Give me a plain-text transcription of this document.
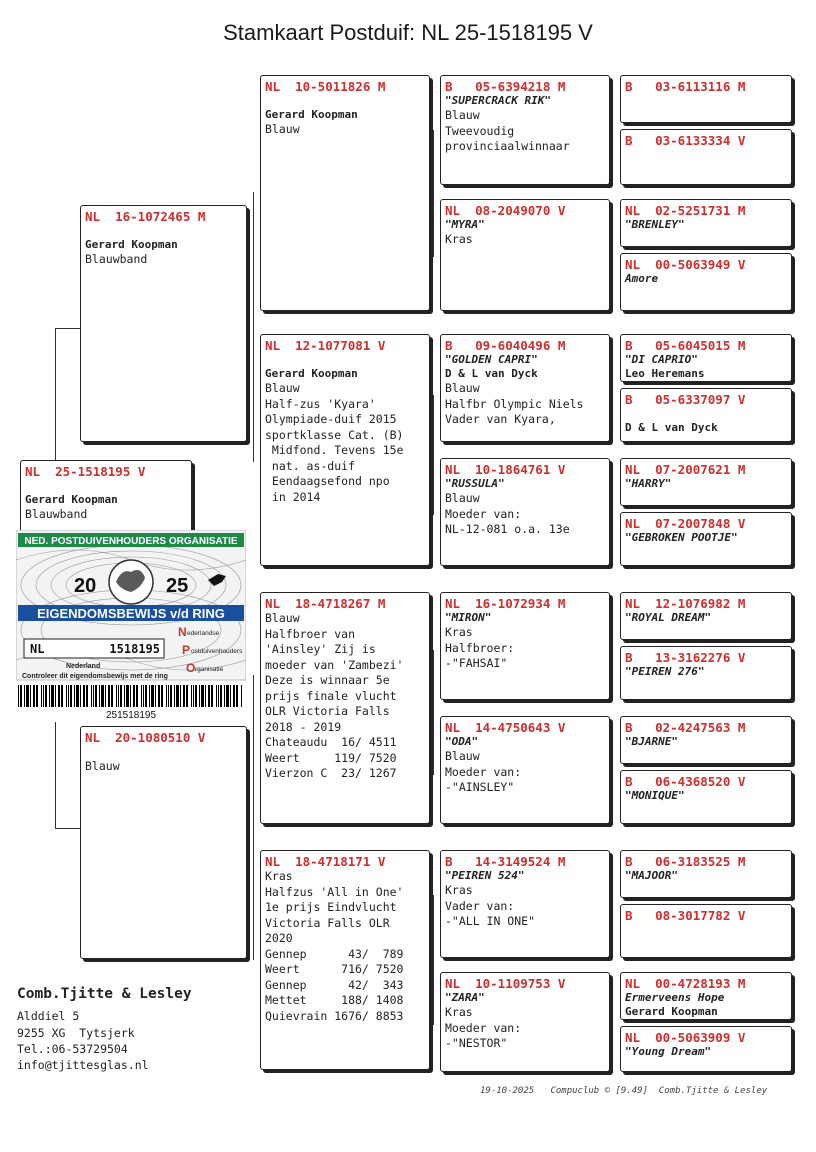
Stamkaart Postduif: NL 25-1518195 V
NL  25-1518195 V
Gerard Koopman
Blauwband
NL  16-1072465 M
Gerard Koopman
Blauwband
NL  20-1080510 V
Blauw
NL  10-5011826 M
Gerard Koopman
Blauw
NL  12-1077081 V
Gerard Koopman
Blauw
Half-zus 'Kyara'
Olympiade-duif 2015
sportklasse Cat. (B)
Midfond. Tevens 15e
nat. as-duif
Eendaagsefond npo
in 2014
NL  18-4718267 M
Blauw
Halfbroer van
'Ainsley' Zij is
moeder van 'Zambezi'
Deze is winnaar 5e
prijs finale vlucht
OLR Victoria Falls
2018 - 2019
Chateaudu  16/ 4511
Weert     119/ 7520
Vierzon C  23/ 1267
NL  18-4718171 V
Kras
Halfzus 'All in One'
1e prijs Eindvlucht
Victoria Falls OLR
2020
Gennep      43/  789
Weert      716/ 7520
Gennep      42/  343
Mettet     188/ 1408
Quievrain 1676/ 8853
B   05-6394218 M
"SUPERCRACK RIK"
Blauw
Tweevoudig
provinciaalwinnaar
NL  08-2049070 V
"MYRA"
Kras
B   09-6040496 M
"GOLDEN CAPRI"
D & L van Dyck
Blauw
Halfbr Olympic Niels
Vader van Kyara,
NL  10-1864761 V
"RUSSULA"
Blauw
Moeder van:
NL-12-081 o.a. 13e
NL  16-1072934 M
"MIRON"
Kras
Halfbroer:
-"FAHSAI"
NL  14-4750643 V
"ODA"
Blauw
Moeder van:
-"AINSLEY"
B   14-3149524 M
"PEIREN 524"
Kras
Vader van:
-"ALL IN ONE"
NL  10-1109753 V
"ZARA"
Kras
Moeder van:
-"NESTOR"
B   03-6113116 M
B   03-6133334 V
NL  02-5251731 M
"BRENLEY"
NL  00-5063949 V
Amore
B   05-6045015 M
"DI CAPRIO"
Leo Heremans
B   05-6337097 V
D & L van Dyck
NL  07-2007621 M
"HARRY"
NL  07-2007848 V
"GEBROKEN POOTJE"
NL  12-1076982 M
"ROYAL DREAM"
B   13-3162276 V
"PEIREN 276"
B   02-4247563 M
"BJARNE"
B   06-4368520 V
"MONIQUE"
B   06-3183525 M
"MAJOOR"
B   08-3017782 V
NL  00-4728193 M
Ermerveens Hope
Gerard Koopman
NL  00-5063909 V
"Young Dream"
NED. POSTDUIVENHOUDERS ORGANISATIE
20	25
EIGENDOMSBEWIJS v/d RING
NL	1518195
Nederland
N ederlandse
P ostduivenhouders
O rganisatie
Controleer dit eigendomsbewijs met de ring
251518195
Comb.Tjitte & Lesley
Alddiel 5
9255 XG  Tytsjerk
Tel.:06-53729504
info@tjittesglas.nl
19-10-2025   Compuclub © [9.49]  Comb.Tjitte & Lesley
